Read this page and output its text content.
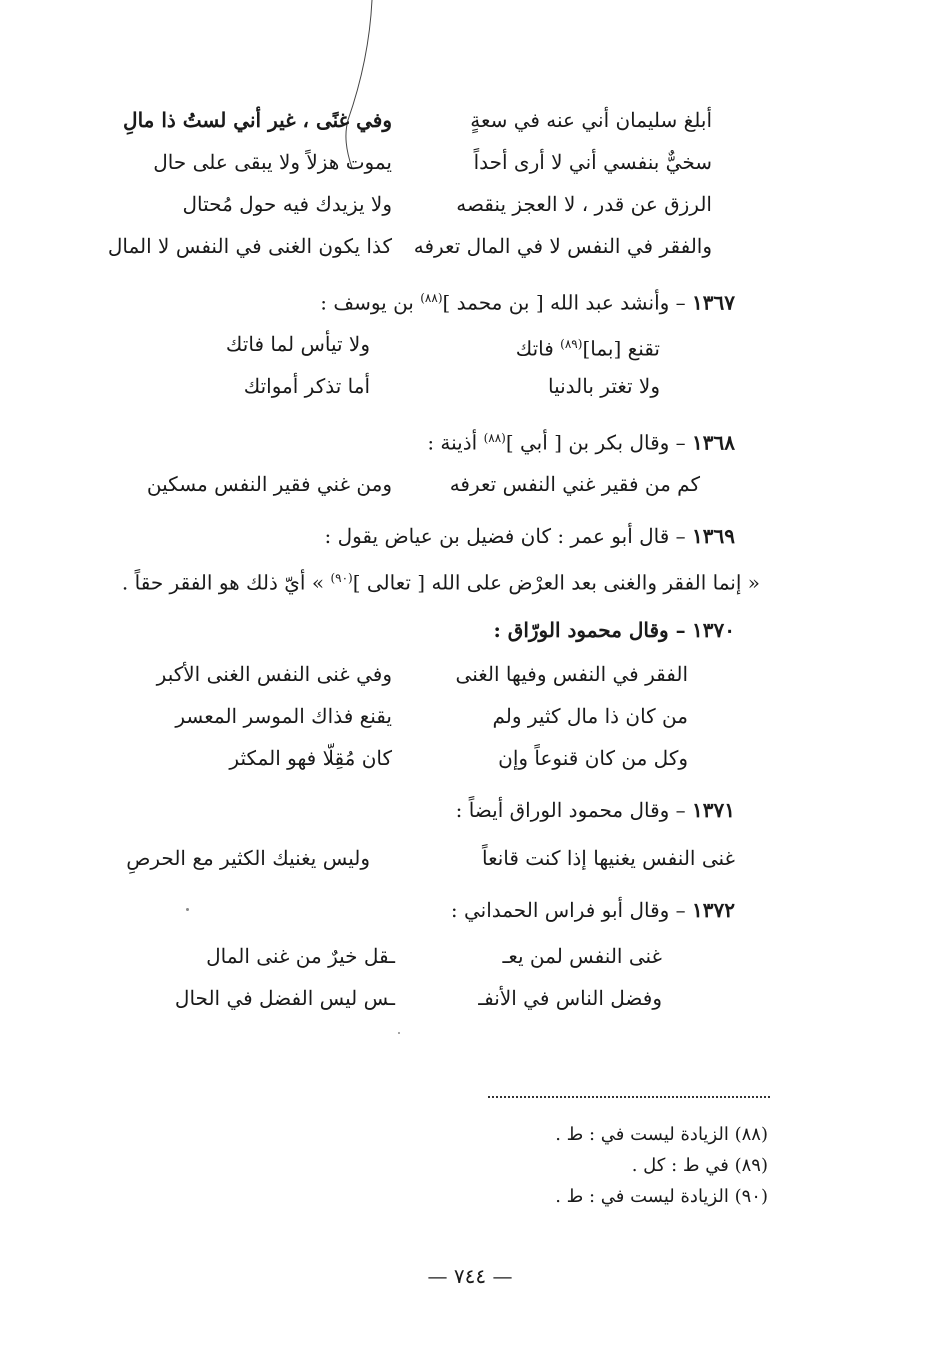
أبلغ سليمان أني عنه في سعةٍ
وفي غنًى ، غير أني لستُ ذا مالِ
سخيٌّ بنفسي أني لا أرى أحداً
يموت هزلاً ولا يبقى على حال
الرزق عن قدر ، لا العجز ينقصه
ولا يزيدك فيه حول مُحتال
والفقر في النفس لا في المال تعرفه
كذا يكون الغنى في النفس لا المال
١٣٦٧ – وأنشد عبد الله [ بن محمد ]$^{(٨٨)}$ بن يوسف :
تقنع [بما]$^{(٨٩)}$ فاتك
ولا تيأس لما فاتك
ولا تغتر بالدنيا
أما تذكر أمواتك
١٣٦٨ – وقال بكر بن [ أبي ]$^{(٨٨)}$ أذينة :
كم من فقير غني النفس تعرفه
ومن غني فقير النفس مسكين
١٣٦٩ – قال أبو عمر : كان فضيل بن عياض يقول :
« إنما الفقر والغنى بعد العرْض على الله [ تعالى ]$^{(٩٠)}$ » أيّ ذلك هو الفقر حقاً .
١٣٧٠ – وقال محمود الورّاق :
الفقر في النفس وفيها الغنى
وفي غنى النفس الغنى الأكبر
من كان ذا مال كثير ولم
يقنع فذاك الموسر المعسر
وكل من كان قنوعاً وإن
كان مُقِلّا فهو المكثر
١٣٧١ – وقال محمود الوراق أيضاً :
غنى النفس يغنيها إذا كنت قانعاً
وليس يغنيك الكثير مع الحرصِ
١٣٧٢ – وقال أبو فراس الحمداني :
غنى النفس لمن يعـ
ـقل خيرٌ من غنى المال
وفضل الناس في الأنفـ
ـس ليس الفضل في الحال
(٨٨) الزيادة ليست في : ط .
(٨٩) في ط : كل .
(٩٠) الزيادة ليست في : ط .
— ٧٤٤ —
